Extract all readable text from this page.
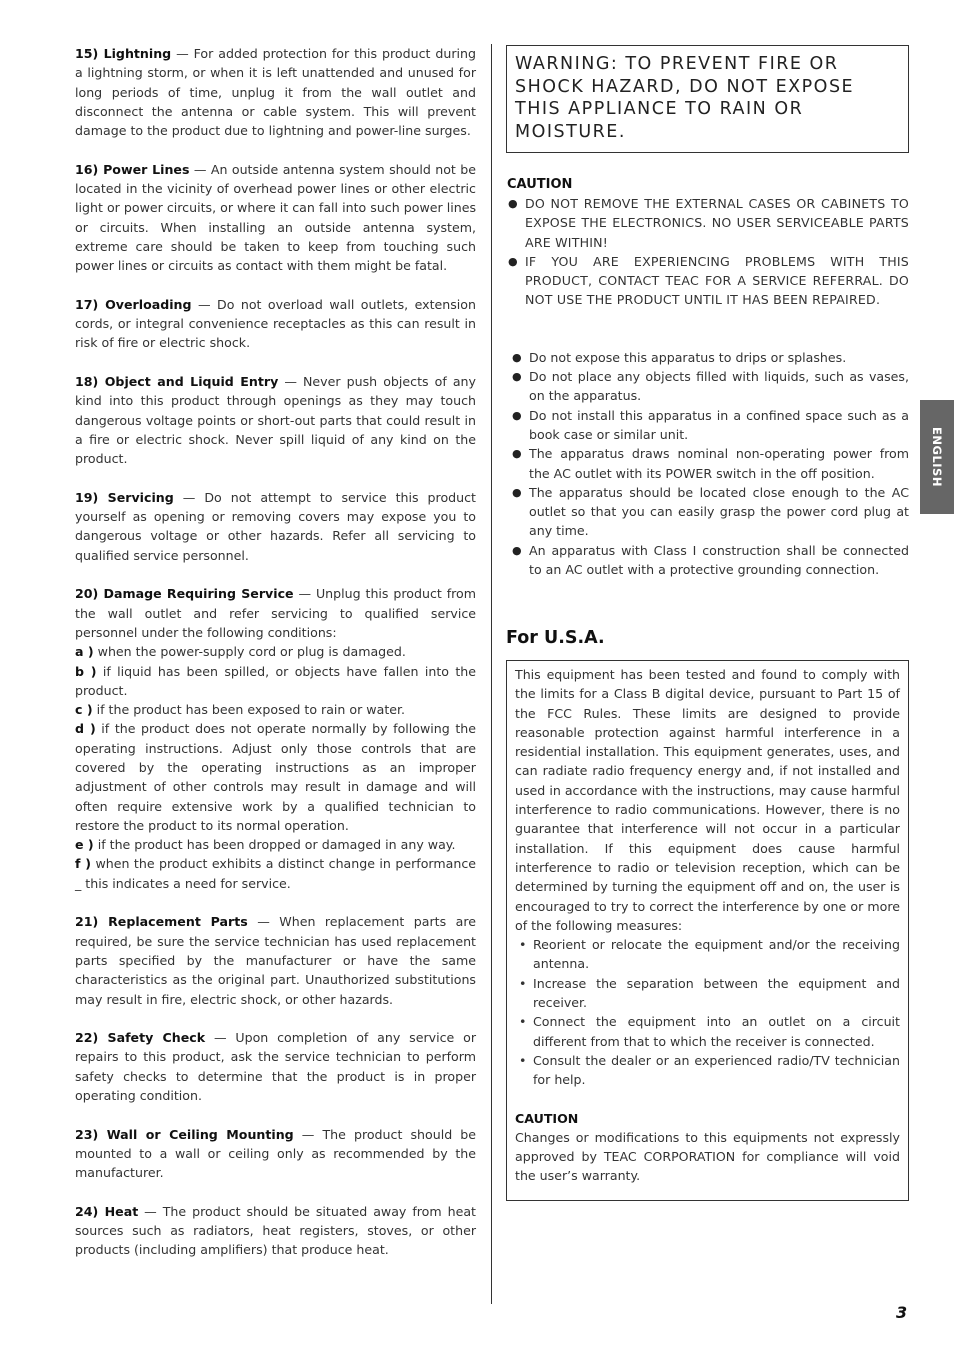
15) Lightning — For added protection for this product during a lightning storm, or when it is left unattended and unused for long periods of time, unplug it from the wall outlet and disconnect the antenna or cable system. This will prevent damage to the product due to lightning and power-line surges.

16) Power Lines — An outside antenna system should not be located in the vicinity of overhead power lines or other electric light or power circuits, or where it can fall into such power lines or circuits. When installing an outside antenna system, extreme care should be taken to keep from touching such power lines or circuits as contact with them might be fatal.

17) Overloading — Do not overload wall outlets, extension cords, or integral convenience receptacles as this can result in risk of fire or electric shock.

18) Object and Liquid Entry — Never push objects of any kind into this product through openings as they may touch dangerous voltage points or short-out parts that could result in a fire or electric shock. Never spill liquid of any kind on the product.

19) Servicing — Do not attempt to service this product yourself as opening or removing covers may expose you to dangerous voltage or other hazards. Refer all servicing to qualified service personnel.

20) Damage Requiring Service — Unplug this product from the wall outlet and refer servicing to qualified service personnel under the following conditions:

a ) when the power-supply cord or plug is damaged.

b ) if liquid has been spilled, or objects have fallen into the product.

c ) if the product has been exposed to rain or water.

d ) if the product does not operate normally by following the operating instructions. Adjust only those controls that are covered by the operating instructions as an improper adjustment of other controls may result in damage and will often require extensive work by a qualified technician to restore the product to its normal operation.

e ) if the product has been dropped or damaged in any way.

f ) when the product exhibits a distinct change in performance _ this indicates a need for service.

21) Replacement Parts — When replacement parts are required, be sure the service technician has used replacement parts specified by the manufacturer or have the same characteristics as the original part. Unauthorized substitutions may result in fire, electric shock, or other hazards.

22) Safety Check — Upon completion of any service or repairs to this product, ask the service technician to perform safety checks to determine that the product is in proper operating condition.

23) Wall or Ceiling Mounting — The product should be mounted to a wall or ceiling only as recommended by the manufacturer.

24) Heat — The product should be situated away from heat sources such as radiators, heat registers, stoves, or other products (including amplifiers) that produce heat.

WARNING: TO PREVENT FIRE OR SHOCK HAZARD, DO NOT EXPOSE THIS APPLIANCE TO RAIN OR MOISTURE.
CAUTION
● DO NOT REMOVE THE EXTERNAL CASES OR CABINETS TO EXPOSE THE ELECTRONICS. NO USER SERVICEABLE PARTS ARE WITHIN!
● IF YOU ARE EXPERIENCING PROBLEMS WITH THIS PRODUCT, CONTACT TEAC FOR A SERVICE REFERRAL. DO NOT USE THE PRODUCT UNTIL IT HAS BEEN REPAIRED.
● Do not expose this apparatus to drips or splashes.
● Do not place any objects filled with liquids, such as vases, on the apparatus.
● Do not install this apparatus in a confined space such as a book case or similar unit.
● The apparatus draws nominal non-operating power from the AC outlet with its POWER switch in the off position.
● The apparatus should be located close enough to the AC outlet so that you can easily grasp the power cord plug at any time.
● An apparatus with Class I construction shall be connected to an AC outlet with a protective grounding connection.
For U.S.A.

This equipment has been tested and found to comply with the limits for a Class B digital device, pursuant to Part 15 of the FCC Rules. These limits are designed to provide reasonable protection against harmful interference in a residential installation. This equipment generates, uses, and can radiate radio frequency energy and, if not installed and used in accordance with the instructions, may cause harmful interference to radio communications. However, there is no guarantee that interference will not occur in a particular installation. If this equipment does cause harmful interference to radio or television reception, which can be determined by turning the equipment off and on, the user is encouraged to try to correct the interference by one or more of the following measures:

• Reorient or relocate the equipment and/or the receiving antenna.
• Increase the separation between the equipment and receiver.
• Connect the equipment into an outlet on a circuit different from that to which the receiver is connected.
• Consult the dealer or an experienced radio/TV technician for help.

CAUTION

Changes or modifications to this equipments not expressly approved by TEAC CORPORATION for compliance will void the user’s warranty.

ENGLISH
3
